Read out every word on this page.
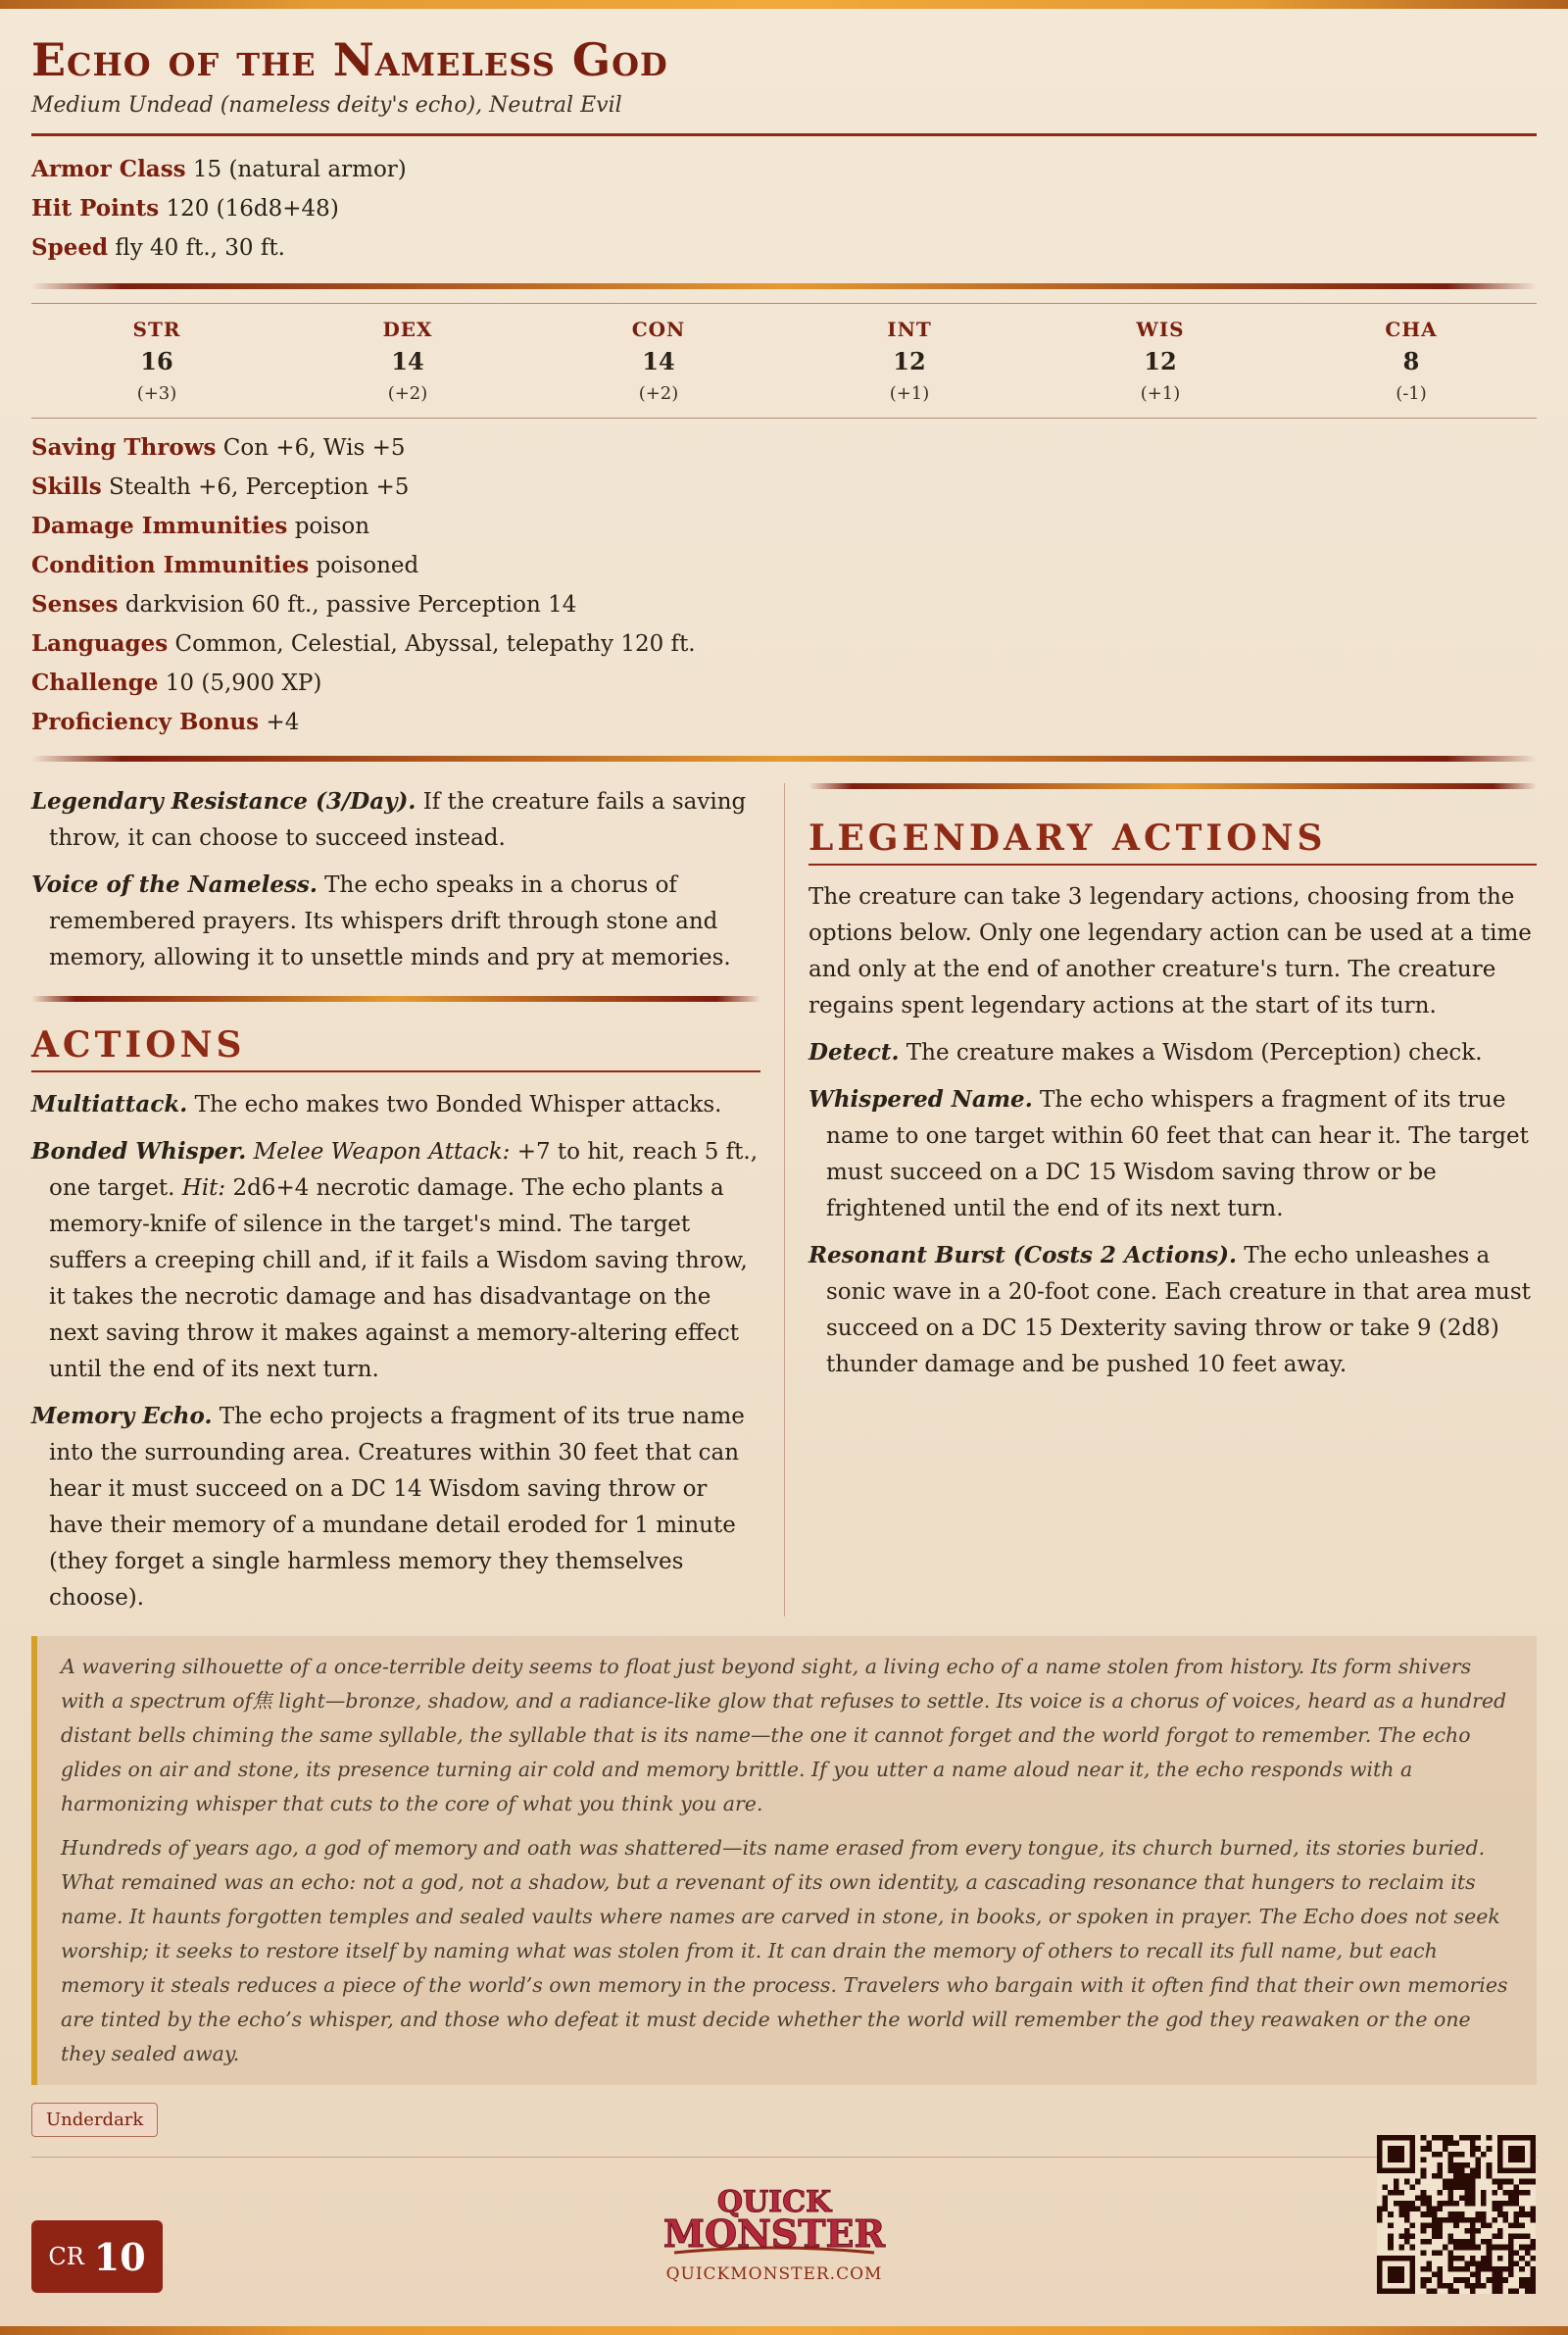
Echo of the Nameless God
Medium Undead (nameless deity's echo), Neutral Evil
Armor Class 15 (natural armor)
Hit Points 120 (16d8+48)
Speed fly 40 ft., 30 ft.
STR
16
(+3)
DEX
14
(+2)
CON
14
(+2)
INT
12
(+1)
WIS
12
(+1)
CHA
8
(-1)
Saving Throws Con +6, Wis +5
Skills Stealth +6, Perception +5
Damage Immunities poison
Condition Immunities poisoned
Senses darkvision 60 ft., passive Perception 14
Languages Common, Celestial, Abyssal, telepathy 120 ft.
Challenge 10 (5,900 XP)
Proficiency Bonus +4

Legendary Resistance (3/Day). If the creature fails a saving throw, it can choose to succeed instead.

Voice of the Nameless. The echo speaks in a chorus of remembered prayers. Its whispers drift through stone and memory, allowing it to unsettle minds and pry at memories.

ACTIONS

Multiattack. The echo makes two Bonded Whisper attacks.

Bonded Whisper. Melee Weapon Attack: +7 to hit, reach 5 ft., one target. Hit: 2d6+4 necrotic damage. The echo plants a memory-knife of silence in the target's mind. The target suffers a creeping chill and, if it fails a Wisdom saving throw, it takes the necrotic damage and has disadvantage on the next saving throw it makes against a memory-altering effect until the end of its next turn.

Memory Echo. The echo projects a fragment of its true name into the surrounding area. Creatures within 30 feet that can hear it must succeed on a DC 14 Wisdom saving throw or have their memory of a mundane detail eroded for 1 minute (they forget a single harmless memory they themselves choose).

LEGENDARY ACTIONS

The creature can take 3 legendary actions, choosing from the options below. Only one legendary action can be used at a time and only at the end of another creature's turn. The creature regains spent legendary actions at the start of its turn.

Detect. The creature makes a Wisdom (Perception) check.

Whispered Name. The echo whispers a fragment of its true name to one target within 60 feet that can hear it. The target must succeed on a DC 15 Wisdom saving throw or be frightened until the end of its next turn.

Resonant Burst (Costs 2 Actions). The echo unleashes a sonic wave in a 20-foot cone. Each creature in that area must succeed on a DC 15 Dexterity saving throw or take 9 (2d8) thunder damage and be pushed 10 feet away.

A wavering silhouette of a once-terrible deity seems to float just beyond sight, a living echo of a name stolen from history. Its form shivers with a spectrum of焦 light—bronze, shadow, and a radiance-like glow that refuses to settle. Its voice is a chorus of voices, heard as a hundred distant bells chiming the same syllable, the syllable that is its name—the one it cannot forget and the world forgot to remember. The echo glides on air and stone, its presence turning air cold and memory brittle. If you utter a name aloud near it, the echo responds with a harmonizing whisper that cuts to the core of what you think you are.

Hundreds of years ago, a god of memory and oath was shattered—its name erased from every tongue, its church burned, its stories buried. What remained was an echo: not a god, not a shadow, but a revenant of its own identity, a cascading resonance that hungers to reclaim its name. It haunts forgotten temples and sealed vaults where names are carved in stone, in books, or spoken in prayer. The Echo does not seek worship; it seeks to restore itself by naming what was stolen from it. It can drain the memory of others to recall its full name, but each memory it steals reduces a piece of the world’s own memory in the process. Travelers who bargain with it often find that their own memories are tinted by the echo’s whisper, and those who defeat it must decide whether the world will remember the god they reawaken or the one they sealed away.

Underdark
CR 10
QUICK
MONSTER
QUICKMONSTER.COM
